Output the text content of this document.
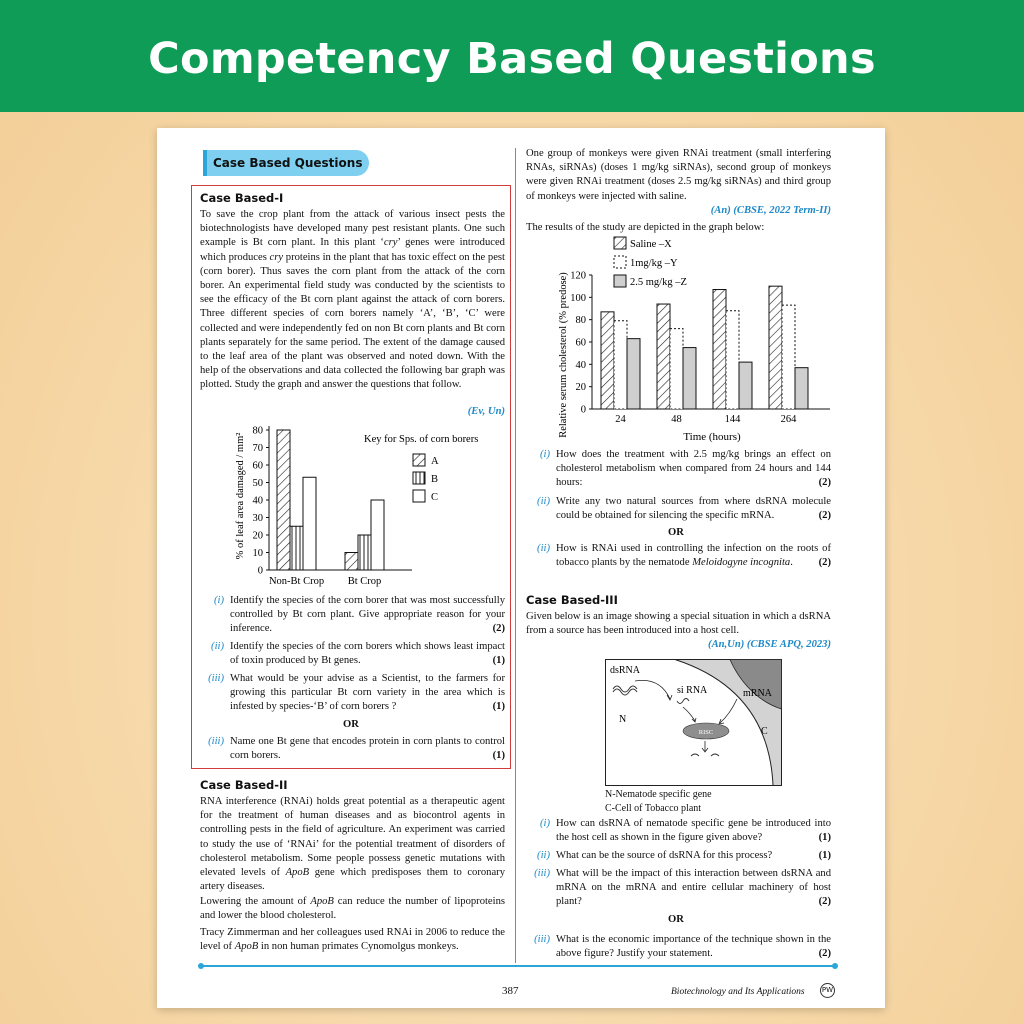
Competency Based Questions
Case Based Questions
Case Based-I

To save the crop plant from the attack of various insect pests the biotechnologists have developed many pest resistant plants. One such example is Bt corn plant. In this plant ‘cry’ genes were introduced which produces cry proteins in the plant that has toxic effect on the pest (corn borer). Thus saves the corn plant from the attack of the corn borer. An experimental field study was conducted by the scientists to see the efficacy of the Bt corn plant against the attack of corn borers. Three different species of corn borers namely ‘A’, ‘B’, ‘C’ were collected and were independently fed on non Bt corn plants and Bt corn plants separately for the same period. The extent of the damage caused to the leaf area of the plant was observed and noted down. With the help of the observations and data collected the following bar graph was plotted. Study the graph and answer the questions that follow.

(Ev, Un)
% of leaf area damaged / mm²
0
10
20
30
40
50
60
70
80
Non-Bt Crop Bt Crop
Key for Sps. of corn borers
A
B
C
Case Based-II
RNA interference (RNAi) holds great potential as a therapeutic agent for the treatment of human diseases and as biocontrol agents in controlling pests in the field of agriculture. An experiment was carried to study the use of ‘RNAi’ for the potential treatment of disorders of cholesterol metabolism. Some people possess genetic mutations with elevated levels of ApoB gene which predisposes them to coronary artery diseases.
Lowering the amount of ApoB can reduce the number of lipoproteins and lower the blood cholesterol.
Tracy Zimmerman and her colleagues used RNAi in 2006 to reduce the level of ApoB in non human primates Cynomolgus monkeys.
One group of monkeys were given RNAi treatment (small interfering RNAs, siRNAs) (doses 1 mg/kg siRNAs), second group of monkeys were given RNAi treatment (doses 2.5 mg/kg siRNAs) and third group of monkeys were injected with saline.
(An) (CBSE, 2022 Term-II)
The results of the study are depicted in the graph below:
Relative serum cholesterol (% predose) 0
20
40
60
80
100
120
24	48	144	264
Saline –X
1mg/kg –Y
2.5 mg/kg –Z
Time (hours)
Case Based-III
Given below is an image showing a special situation in which a dsRNA from a source has been introduced into a host cell.
(An,Un) (CBSE APQ, 2023)
RISC
dsRNA
si RNA	mRNA
N
C
N-Nematode specific gene
C-Cell of Tobacco plant
387	Biotechnology and Its Applications PW
(i) Identify the species of the corn borer that was most successfully controlled by Bt corn plant. Give appropriate reason for your inference.	(2)
(ii) Identify the species of the corn borers which shows least impact of toxin produced by Bt genes.	(1)
(iii) What would be your advise as a Scientist, to the farmers for growing this particular Bt corn variety in the area which is infested by species-‘B’ of corn borers ?	(1)
OR
(iii) Name one Bt gene that encodes protein in corn plants to control corn borers.	(1)
(i) How does the treatment with 2.5 mg/kg brings an effect on cholesterol metabolism when compared from 24 hours and 144 hours:	(2)
(ii) Write any two natural sources from where dsRNA molecule could be obtained for silencing the specific mRNA.	(2)
OR
(ii) How is RNAi used in controlling the infection on the roots of tobacco plants by the nematode Meloidogyne incognita. (2)
(i) How can dsRNA of nematode specific gene be introduced into the host cell as shown in the figure given above?	(1)
(ii) What can be the source of dsRNA for this process?	(1)
(iii) What will be the impact of this interaction between dsRNA and mRNA on the mRNA and entire cellular machinery of host plant?	(2)
OR
(iii) What is the economic importance of the technique shown in the above figure? Justify your statement.	(2)
